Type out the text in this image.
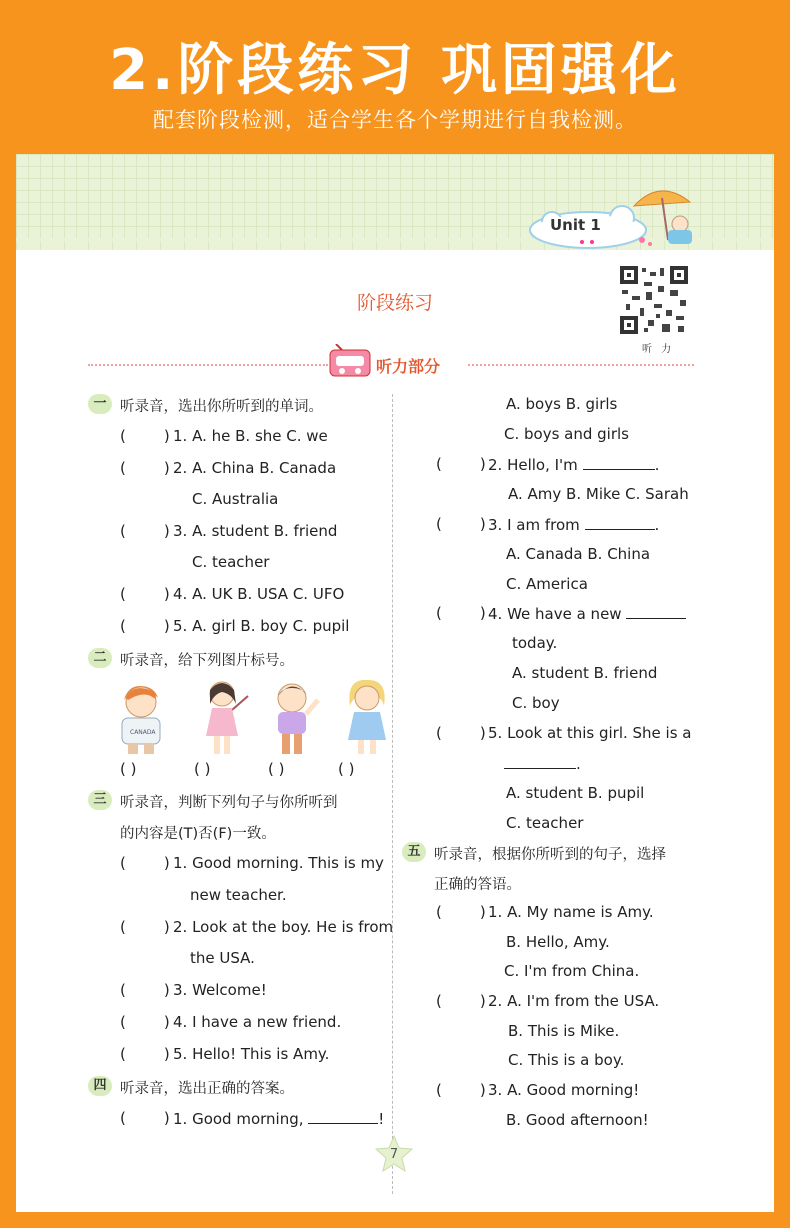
2.阶段练习 巩固强化
配套阶段检测，适合学生各个学期进行自我检测。
Unit 1
阶段练习
听 力
听力部分
一 听录音，选出你所听到的单词。
(	) 1. A. he B. she C. we
(	) 2. A. China B. Canada
C. Australia
(	) 3. A. student B. friend
C. teacher
(	) 4. A. UK B. USA C. UFO
(	) 5. A. girl B. boy C. pupil
二 听录音，给下列图片标号。
CANADA
( )	( )	( )	( )
三 听录音，判断下列句子与你所听到
的内容是(T)否(F)一致。
(	) 1. Good morning. This is my
new teacher.
(	) 2. Look at the boy. He is from
the USA.
(	) 3. Welcome!
(	) 4. I have a new friend.
(	) 5. Hello! This is Amy.
四 听录音，选出正确的答案。
(	) 1. Good morning,	!
A. boys B. girls
C. boys and girls
(	) 2. Hello, I'm	.
A. Amy B. Mike C. Sarah
(	) 3. I am from	.
A. Canada B. China
C. America
(	) 4. We have a new
today.
A. student B. friend
C. boy
(	) 5. Look at this girl. She is a
.
A. student B. pupil
C. teacher
五 听录音，根据你所听到的句子，选择
正确的答语。
(	) 1. A. My name is Amy.
B. Hello, Amy.
C. I'm from China.
(	) 2. A. I'm from the USA.
B. This is Mike.
C. This is a boy.
(	) 3. A. Good morning!
B. Good afternoon!
7
